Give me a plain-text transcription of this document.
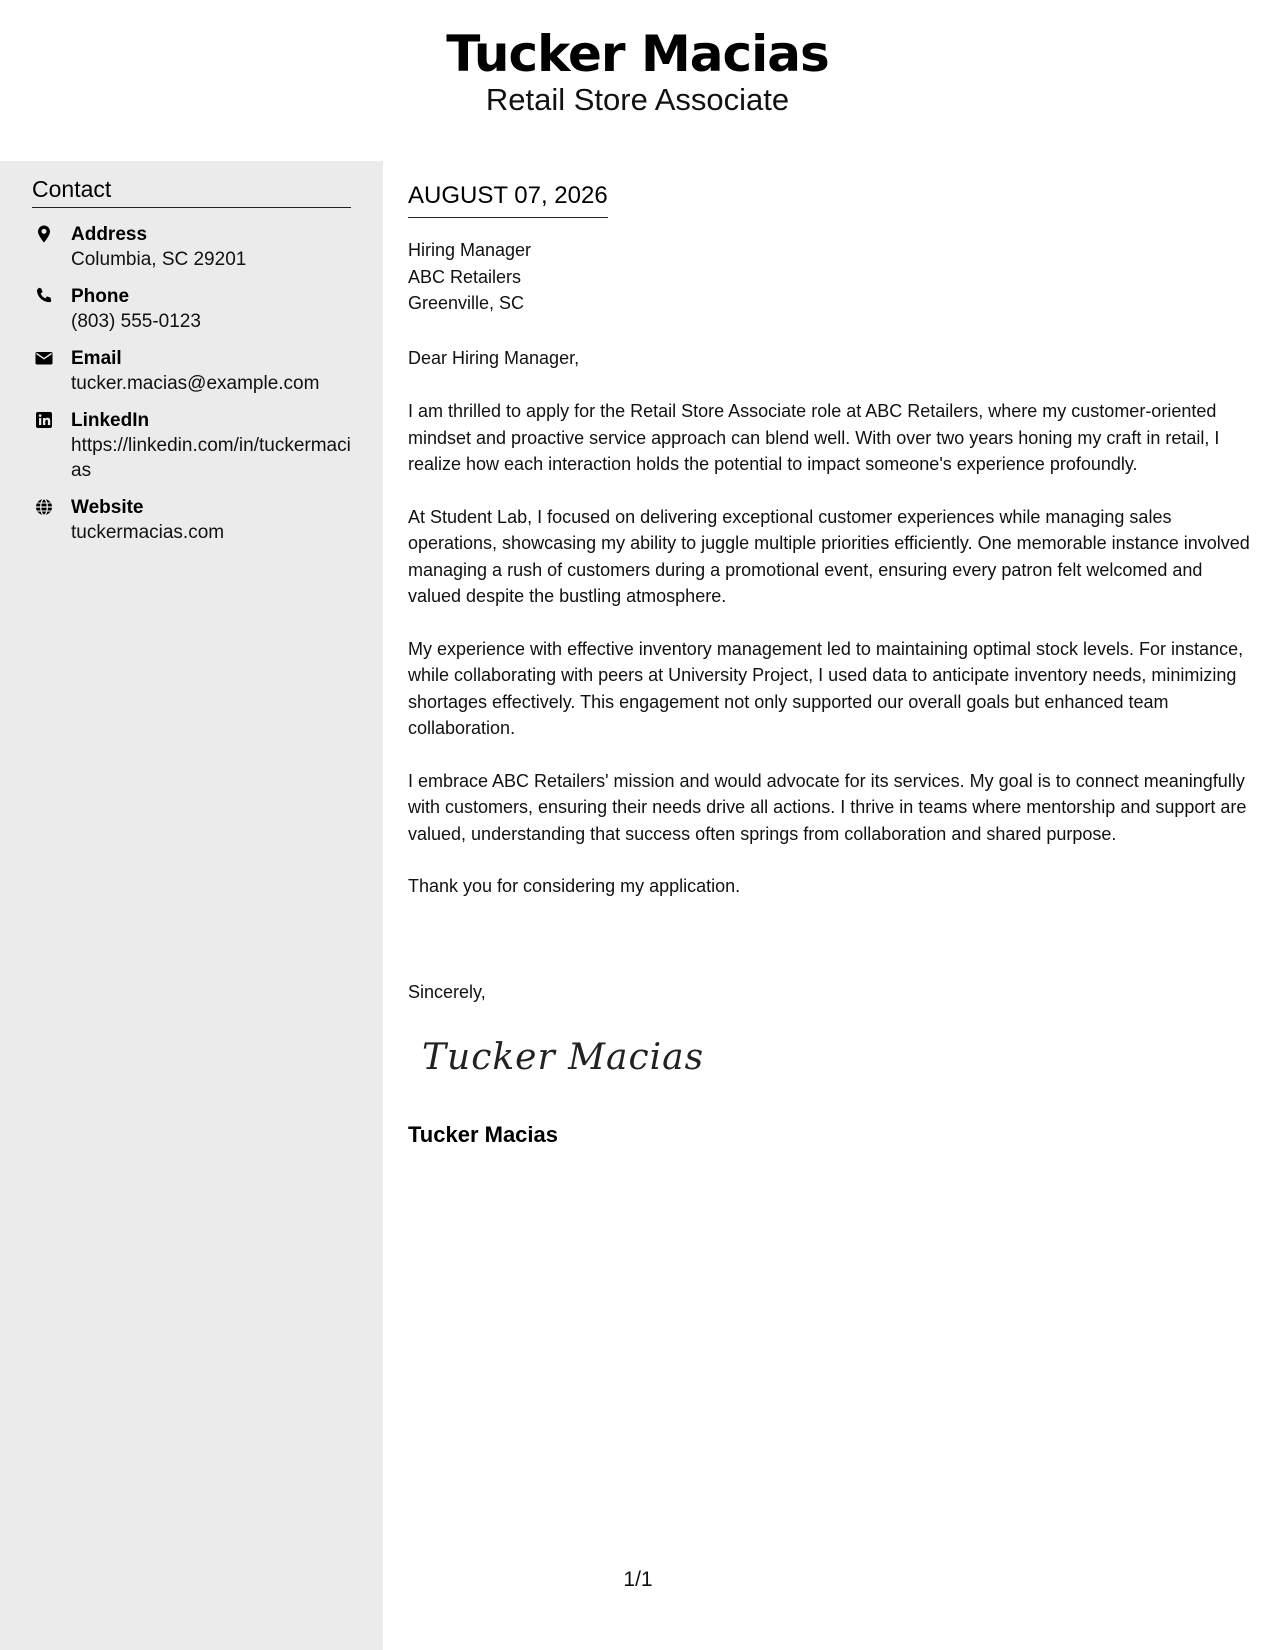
Tucker Macias
Retail Store Associate
Contact
Address
Columbia, SC 29201
Phone
(803) 555-0123
Email
tucker.macias@example.com
LinkedIn
https://linkedin.com/in/tuckermacias
Website
tuckermacias.com
AUGUST 07, 2026
Hiring Manager
ABC Retailers
Greenville, SC
Dear Hiring Manager,

I am thrilled to apply for the Retail Store Associate role at ABC Retailers, where my customer-oriented mindset and proactive service approach can blend well. With over two years honing my craft in retail, I realize how each interaction holds the potential to impact someone's experience profoundly.

At Student Lab, I focused on delivering exceptional customer experiences while managing sales operations, showcasing my ability to juggle multiple priorities efficiently. One memorable instance involved managing a rush of customers during a promotional event, ensuring every patron felt welcomed and valued despite the bustling atmosphere.

My experience with effective inventory management led to maintaining optimal stock levels. For instance, while collaborating with peers at University Project, I used data to anticipate inventory needs, minimizing shortages effectively. This engagement not only supported our overall goals but enhanced team collaboration.

I embrace ABC Retailers' mission and would advocate for its services. My goal is to connect meaningfully with customers, ensuring their needs drive all actions. I thrive in teams where mentorship and support are valued, understanding that success often springs from collaboration and shared purpose.

Thank you for considering my application.

Sincerely,
Tucker Macias
Tucker Macias
1/1
